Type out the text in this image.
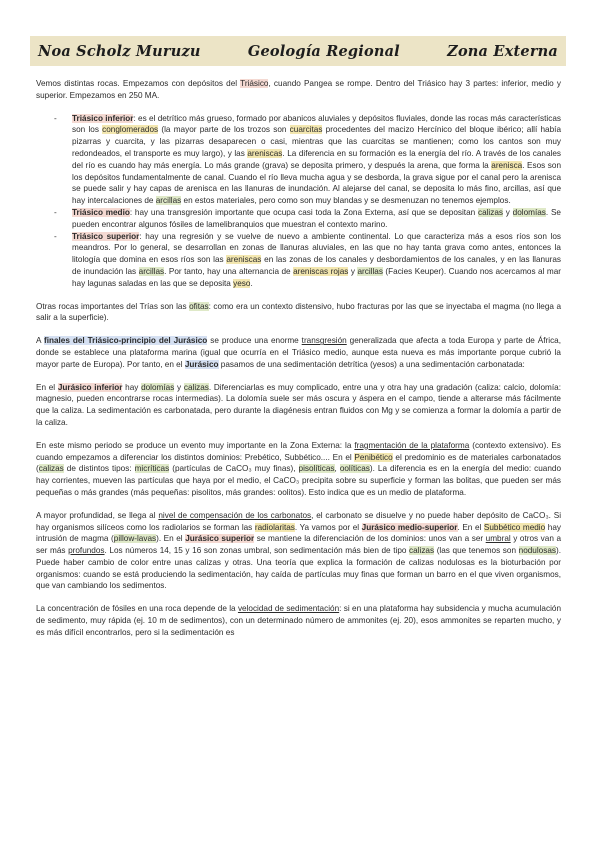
Noa Scholz Muruzu	Geología Regional	Zona Externa

Vemos distintas rocas. Empezamos con depósitos del Triásico, cuando Pangea se rompe. Dentro del Triásico hay 3 partes: inferior, medio y superior. Empezamos en 250 MA.

- Triásico inferior: es el detrítico más grueso, formado por abanicos aluviales y depósitos fluviales, donde las rocas más características son los conglomerados (la mayor parte de los trozos son cuarcitas procedentes del macizo Hercínico del bloque ibérico; allí había pizarras y cuarcita, y las pizarras desaparecen o casi, mientras que las cuarcitas se mantienen; como los cantos son muy redondeados, el transporte es muy largo), y las areniscas. La diferencia en su formación es la energía del río. A través de los canales del río es cuando hay más energía. Lo más grande (grava) se deposita primero, y después la arena, que forma la arenisca. Esos son los depósitos fundamentalmente de canal. Cuando el río lleva mucha agua y se desborda, la grava sigue por el canal pero la arenisca se puede salir y hay capas de arenisca en las llanuras de inundación. Al alejarse del canal, se deposita lo más fino, arcillas, así que hay intercalaciones de arcillas en estos materiales, pero como son muy blandas y se desmenuzan no tenemos ejemplos.
- Triásico medio: hay una transgresión importante que ocupa casi toda la Zona Externa, así que se depositan calizas y dolomías. Se pueden encontrar algunos fósiles de lamelibranquios que muestran el contexto marino.
- Triásico superior: hay una regresión y se vuelve de nuevo a ambiente continental. Lo que caracteriza más a esos ríos son los meandros. Por lo general, se desarrollan en zonas de llanuras aluviales, en las que no hay tanta grava como antes, entonces la litología que domina en esos ríos son las areniscas en las zonas de los canales y desbordamientos de los canales, y en las llanuras de inundación las arcillas. Por tanto, hay una alternancia de areniscas rojas y arcillas (Facies Keuper). Cuando nos acercamos al mar hay lagunas saladas en las que se deposita yeso.

Otras rocas importantes del Trías son las ofitas: como era un contexto distensivo, hubo fracturas por las que se inyectaba el magma (no llega a salir a la superficie).

A finales del Triásico-principio del Jurásico se produce una enorme transgresión generalizada que afecta a toda Europa y parte de África, donde se establece una plataforma marina (igual que ocurría en el Triásico medio, aunque esta nueva es más importante porque cubrió la mayor parte de Europa). Por tanto, en el Jurásico pasamos de una sedimentación detrítica (yesos) a una sedimentación carbonatada:

En el Jurásico inferior hay dolomías y calizas. Diferenciarlas es muy complicado, entre una y otra hay una gradación (caliza: calcio, dolomía: magnesio, pueden encontrarse rocas intermedias). La dolomía suele ser más oscura y áspera en el campo, tiende a alterarse más fácilmente que la caliza. La sedimentación es carbonatada, pero durante la diagénesis entran fluidos con Mg y se comienza a formar la dolomía a partir de la caliza.

En este mismo periodo se produce un evento muy importante en la Zona Externa: la fragmentación de la plataforma (contexto extensivo). Es cuando empezamos a diferenciar los distintos dominios: Prebético, Subbético.... En el Penibético el predominio es de materiales carbonatados (calizas de distintos tipos: micríticas (partículas de CaCO₃ muy finas), pisolíticas, oolíticas). La diferencia es en la energía del medio: cuando hay corrientes, mueven las partículas que haya por el medio, el CaCO₃ precipita sobre su superficie y forman las bolitas, que pueden ser más pequeñas o más grandes (más pequeñas: pisolitos, más grandes: oolitos). Esto indica que es un medio de plataforma.

A mayor profundidad, se llega al nivel de compensación de los carbonatos, el carbonato se disuelve y no puede haber depósito de CaCO₃. Si hay organismos silíceos como los radiolarios se forman las radiolaritas. Ya vamos por el Jurásico medio-superior. En el Subbético medio hay intrusión de magma (pillow-lavas). En el Jurásico superior se mantiene la diferenciación de los dominios: unos van a ser umbral y otros van a ser más profundos. Los números 14, 15 y 16 son zonas umbral, son sedimentación más bien de tipo calizas (las que tenemos son nodulosas). Puede haber cambio de color entre unas calizas y otras. Una teoría que explica la formación de calizas nodulosas es la bioturbación por organismos: cuando se está produciendo la sedimentación, hay caída de partículas muy finas que forman un barro en el que viven organismos, que van cambiando los sedimentos.

La concentración de fósiles en una roca depende de la velocidad de sedimentación: si en una plataforma hay subsidencia y mucha acumulación de sedimento, muy rápida (ej. 10 m de sedimentos), con un determinado número de ammonites (ej. 20), esos ammonites se reparten mucho, y es más difícil encontrarlos, pero si la sedimentación es
